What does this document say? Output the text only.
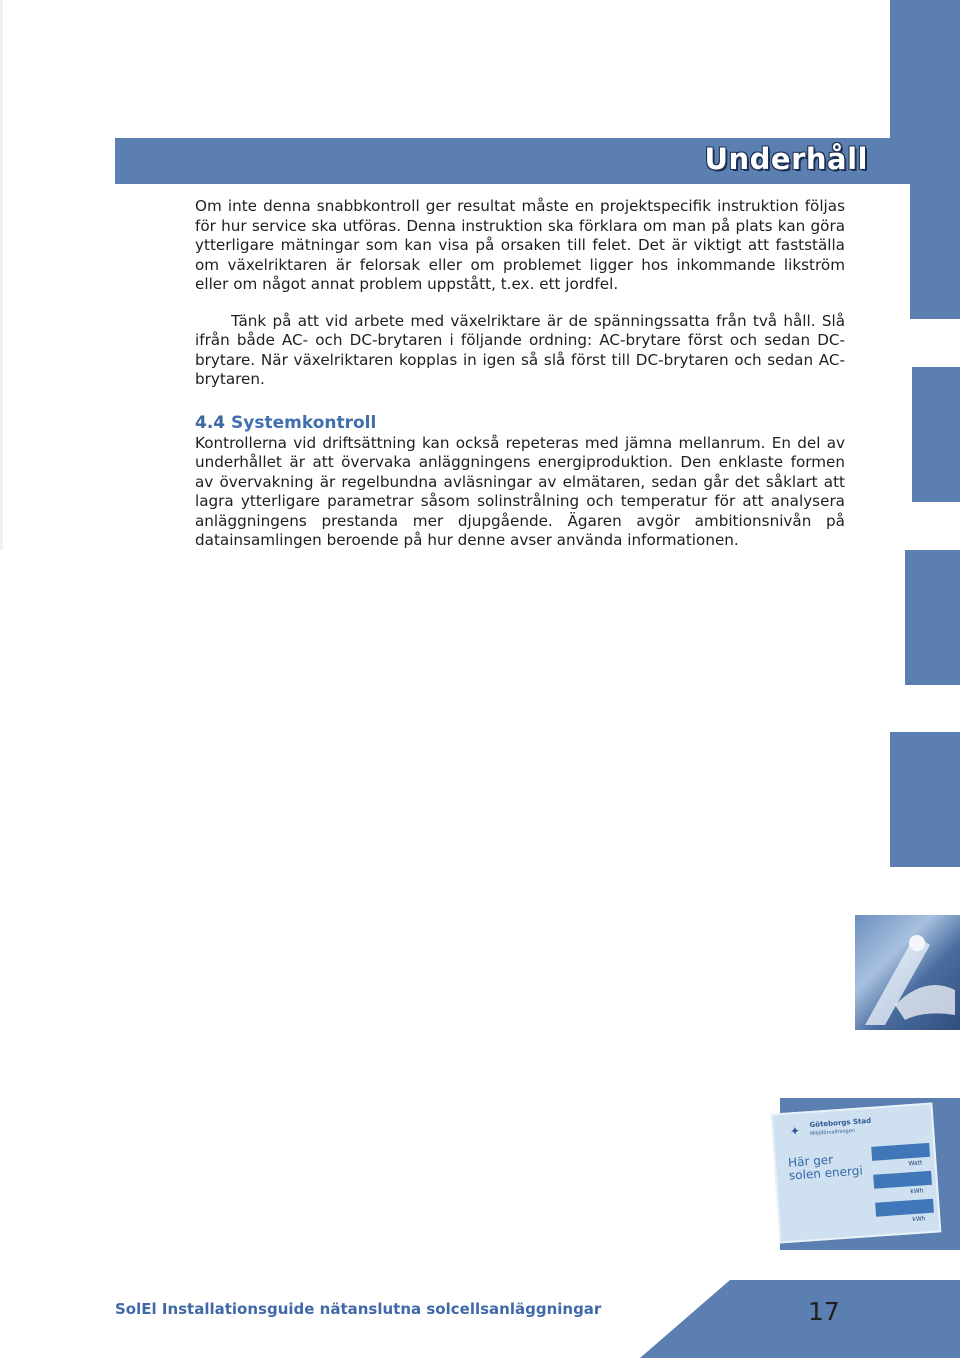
Underhåll

Om inte denna snabbkontroll ger resultat måste en projektspecifik instruktion följas för hur service ska utföras. Denna instruktion ska förklara om man på plats kan göra ytterligare mätningar som kan visa på orsaken till felet. Det är viktigt att fastställa om växelriktaren är felorsak eller om problemet ligger hos inkommande likström eller om något annat problem uppstått, t.ex. ett jordfel.

Tänk på att vid arbete med växelriktare är de spänningssatta från två håll. Slå ifrån både AC- och DC-brytaren i följande ordning: AC-brytare först och sedan DC-brytare. När växelriktaren kopplas in igen så slå först till DC-brytaren och sedan AC-brytaren.

4.4 Systemkontroll

Kontrollerna vid driftsättning kan också repeteras med jämna mellanrum. En del av underhållet är att övervaka anläggningens energiproduktion. Den enklaste formen av övervakning är regelbundna avläsningar av elmätaren, sedan går det såklart att lagra ytterligare parametrar såsom solinstrålning och temperatur för att analysera anläggningens prestanda mer djupgående. Ägaren avgör ambitionsnivån på datainsamlingen beroende på hur denne avser använda informationen.

✦
Göteborgs Stad
Miljöförvaltningen
Här ger solen energi
Watt
kWh
kWh
SolEl Installationsguide nätanslutna solcellsanläggningar	17
